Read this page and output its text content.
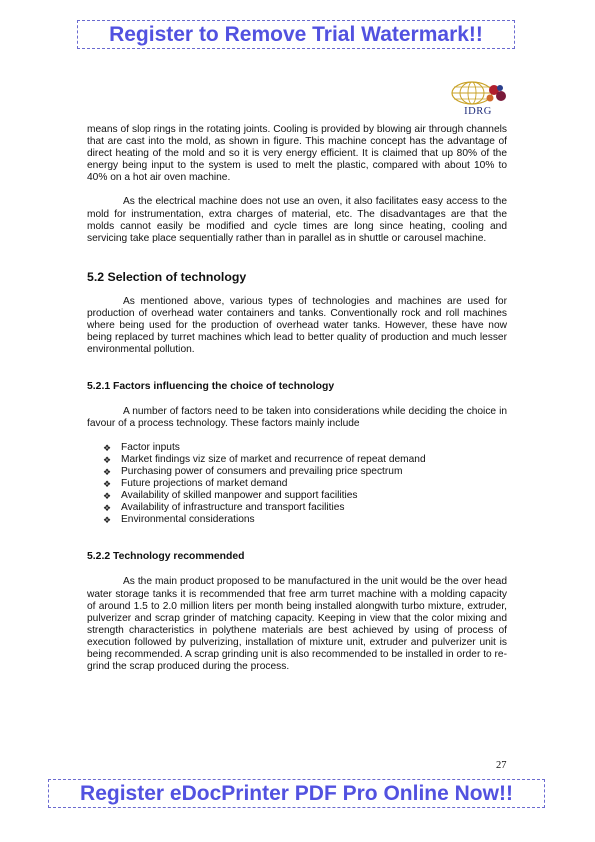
Register to Remove Trial Watermark!!
IDRG

means of slop rings in the rotating joints. Cooling is provided by blowing air through channels that are cast into the mold, as shown in figure. This machine concept has the advantage of direct heating of the mold and so it is very energy efficient. It is claimed that up 80% of the energy being input to the system is used to melt the plastic, compared with about 10% to 40% on a hot air oven machine.

As the electrical machine does not use an oven, it also facilitates easy access to the mold for instrumentation, extra charges of material, etc. The disadvantages are that the molds cannot easily be modified and cycle times are long since heating, cooling and servicing take place sequentially rather than in parallel as in shuttle or carousel machine.

5.2 Selection of technology

As mentioned above, various types of technologies and machines are used for production of overhead water containers and tanks. Conventionally rock and roll machines where being used for the production of overhead water tanks. However, these have now being replaced by turret machines which lead to better quality of production and much lesser environmental pollution.

5.2.1 Factors influencing the choice of technology

A number of factors need to be taken into considerations while deciding the choice in favour of a process technology. These factors mainly include

❖ Factor inputs
❖ Market findings viz size of market and recurrence of repeat demand
❖ Purchasing power of consumers and prevailing price spectrum
❖ Future projections of market demand
❖ Availability of skilled manpower and support facilities
❖ Availability of infrastructure and transport facilities
❖ Environmental considerations
5.2.2 Technology recommended

As the main product proposed to be manufactured in the unit would be the over head water storage tanks it is recommended that free arm turret machine with a molding capacity of around 1.5 to 2.0 million liters per month being installed alongwith turbo mixture, extruder, pulverizer and scrap grinder of matching capacity. Keeping in view that the color mixing and strength characteristics in polythene materials are best achieved by using of process of execution followed by pulverizing, installation of mixture unit, extruder and pulverizer unit is being recommended. A scrap grinding unit is also recommended to be installed in order to re-grind the scrap produced during the process.

27
Register eDocPrinter PDF Pro Online Now!!
